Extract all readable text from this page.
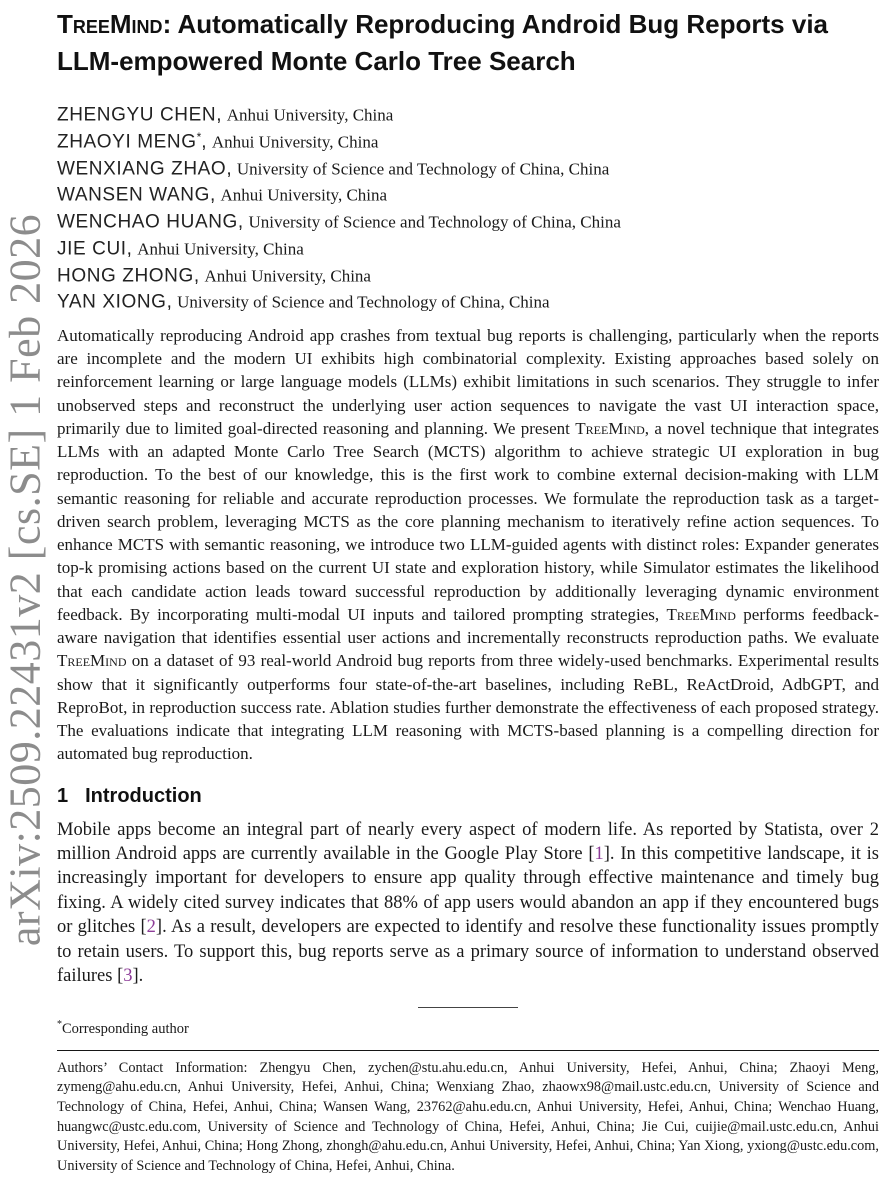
arXiv:2509.22431v2 [cs.SE] 1 Feb 2026
TreeMind: Automatically Reproducing Android Bug Reports via LLM-empowered Monte Carlo Tree Search
ZHENGYU CHEN, Anhui University, China
ZHAOYI MENG*, Anhui University, China
WENXIANG ZHAO, University of Science and Technology of China, China
WANSEN WANG, Anhui University, China
WENCHAO HUANG, University of Science and Technology of China, China
JIE CUI, Anhui University, China
HONG ZHONG, Anhui University, China
YAN XIONG, University of Science and Technology of China, China

Automatically reproducing Android app crashes from textual bug reports is challenging, particularly when the reports are incomplete and the modern UI exhibits high combinatorial complexity. Existing approaches based solely on reinforcement learning or large language models (LLMs) exhibit limitations in such scenarios. They struggle to infer unobserved steps and reconstruct the underlying user action sequences to navigate the vast UI interaction space, primarily due to limited goal-directed reasoning and planning. We present TreeMind, a novel technique that integrates LLMs with an adapted Monte Carlo Tree Search (MCTS) algorithm to achieve strategic UI exploration in bug reproduction. To the best of our knowledge, this is the first work to combine external decision-making with LLM semantic reasoning for reliable and accurate reproduction processes. We formulate the reproduction task as a target-driven search problem, leveraging MCTS as the core planning mechanism to iteratively refine action sequences. To enhance MCTS with semantic reasoning, we introduce two LLM-guided agents with distinct roles: Expander generates top-k promising actions based on the current UI state and exploration history, while Simulator estimates the likelihood that each candidate action leads toward successful reproduction by additionally leveraging dynamic environment feedback. By incorporating multi-modal UI inputs and tailored prompting strategies, TreeMind performs feedback-aware navigation that identifies essential user actions and incrementally reconstructs reproduction paths. We evaluate TreeMind on a dataset of 93 real-world Android bug reports from three widely-used benchmarks. Experimental results show that it significantly outperforms four state-of-the-art baselines, including ReBL, ReActDroid, AdbGPT, and ReproBot, in reproduction success rate. Ablation studies further demonstrate the effectiveness of each proposed strategy. The evaluations indicate that integrating LLM reasoning with MCTS-based planning is a compelling direction for automated bug reproduction.

1 Introduction

Mobile apps become an integral part of nearly every aspect of modern life. As reported by Statista, over 2 million Android apps are currently available in the Google Play Store [1]. In this competitive landscape, it is increasingly important for developers to ensure app quality through effective maintenance and timely bug fixing. A widely cited survey indicates that 88% of app users would abandon an app if they encountered bugs or glitches [2]. As a result, developers are expected to identify and resolve these functionality issues promptly to retain users. To support this, bug reports serve as a primary source of information to understand observed failures [3].

*Corresponding author

Authors’ Contact Information: Zhengyu Chen, zychen@stu.ahu.edu.cn, Anhui University, Hefei, Anhui, China; Zhaoyi Meng, zymeng@ahu.edu.cn, Anhui University, Hefei, Anhui, China; Wenxiang Zhao, zhaowx98@mail.ustc.edu.cn, University of Science and Technology of China, Hefei, Anhui, China; Wansen Wang, 23762@ahu.edu.cn, Anhui University, Hefei, Anhui, China; Wenchao Huang, huangwc@ustc.edu.com, University of Science and Technology of China, Hefei, Anhui, China; Jie Cui, cuijie@mail.ustc.edu.cn, Anhui University, Hefei, Anhui, China; Hong Zhong, zhongh@ahu.edu.cn, Anhui University, Hefei, Anhui, China; Yan Xiong, yxiong@ustc.edu.com, University of Science and Technology of China, Hefei, Anhui, China.
